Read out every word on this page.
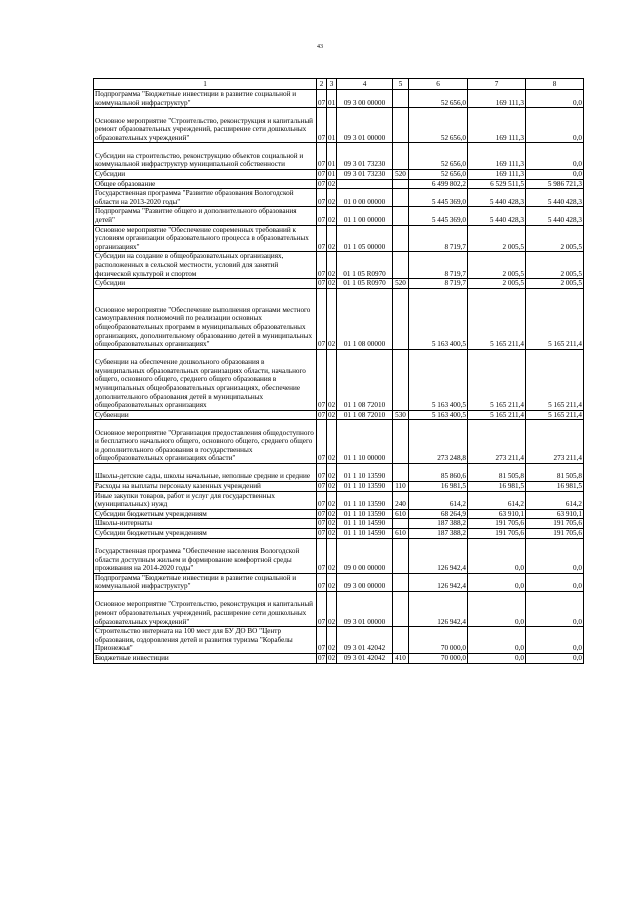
43
1	2	3	4	5	6	7	8
Подпрограмма "Бюджетные инвестиции в развитие социальной и коммунальной инфраструктур"	07	01	09 3 00 00000		52 656,0	169 111,3	0,0
Основное мероприятие "Строительство, реконструкция и капитальный ремонт образовательных учреждений, расширение сети дошкольных образовательных учреждений"	07	01	09 3 01 00000		52 656,0	169 111,3	0,0
Субсидии на строительство, реконструкцию объектов социальной и коммунальной инфраструктур муниципальной собственности	07	01	09 3 01 73230		52 656,0	169 111,3	0,0
Субсидии	07	01	09 3 01 73230	520	52 656,0	169 111,3	0,0
Общее образование	07	02			6 499 802,2	6 529 511,5	5 986 721,3
Государственная программа "Развитие образования Вологодской области на 2013-2020 годы"	07	02	01 0 00 00000		5 445 369,0	5 440 428,3	5 440 428,3
Подпрограмма "Развитие общего и дополнительного образования детей"	07	02	01 1 00 00000		5 445 369,0	5 440 428,3	5 440 428,3
Основное мероприятие "Обеспечение современных требований к условиям организации образовательного процесса в образовательных организациях"	07	02	01 1 05 00000		8 719,7	2 005,5	2 005,5
Субсидии на создание в общеобразовательных организациях, расположенных в сельской местности, условий для занятий физической культурой и спортом	07	02	01 1 05 R0970		8 719,7	2 005,5	2 005,5
Субсидии	07	02	01 1 05 R0970	520	8 719,7	2 005,5	2 005,5
Основное мероприятие "Обеспечение выполнения органами местного самоуправления полномочий по реализации основных общеобразовательных программ в муниципальных образовательных организациях, дополнительному образованию детей в муниципальных общеобразовательных организациях"	07	02	01 1 08 00000		5 163 400,5	5 165 211,4	5 165 211,4
Субвенции на обеспечение дошкольного образования в муниципальных образовательных организациях области, начального общего, основного общего, среднего общего образования в муниципальных общеобразовательных организациях, обеспечение дополнительного образования детей в муниципальных общеобразовательных организациях	07	02	01 1 08 72010		5 163 400,5	5 165 211,4	5 165 211,4
Субвенции	07	02	01 1 08 72010	530	5 163 400,5	5 165 211,4	5 165 211,4
Основное мероприятие "Организация предоставления общедоступного и бесплатного начального общего, основного общего, среднего общего и дополнительного образования в государственных общеобразовательных организациях области"	07	02	01 1 10 00000		273 248,8	273 211,4	273 211,4
Школы-детские сады, школы начальные, неполные средние и средние	07	02	01 1 10 13590		85 860,6	81 505,8	81 505,8
Расходы на выплаты персоналу казенных учреждений	07	02	01 1 10 13590	110	16 981,5	16 981,5	16 981,5
Иные закупки товаров, работ и услуг для государственных (муниципальных) нужд	07	02	01 1 10 13590	240	614,2	614,2	614,2
Субсидии бюджетным учреждениям	07	02	01 1 10 13590	610	68 264,9	63 910,1	63 910,1
Школы-интернаты	07	02	01 1 10 14590		187 388,2	191 705,6	191 705,6
Субсидии бюджетным учреждениям	07	02	01 1 10 14590	610	187 388,2	191 705,6	191 705,6
Государственная программа "Обеспечение населения Вологодской области доступным жильем и формирование комфортной среды проживания на 2014-2020 годы"	07	02	09 0 00 00000		126 942,4	0,0	0,0
Подпрограмма "Бюджетные инвестиции в развитие социальной и коммунальной инфраструктур"	07	02	09 3 00 00000		126 942,4	0,0	0,0
Основное мероприятие "Строительство, реконструкция и капитальный ремонт образовательных учреждений, расширение сети дошкольных образовательных учреждений"	07	02	09 3 01 00000		126 942,4	0,0	0,0
Строительство интерната на 100 мест для БУ ДО ВО "Центр образования, оздоровления детей и развития туризма "Корабелы Прионежья"	07	02	09 3 01 42042		70 000,0	0,0	0,0
Бюджетные инвестиции	07	02	09 3 01 42042	410	70 000,0	0,0	0,0
